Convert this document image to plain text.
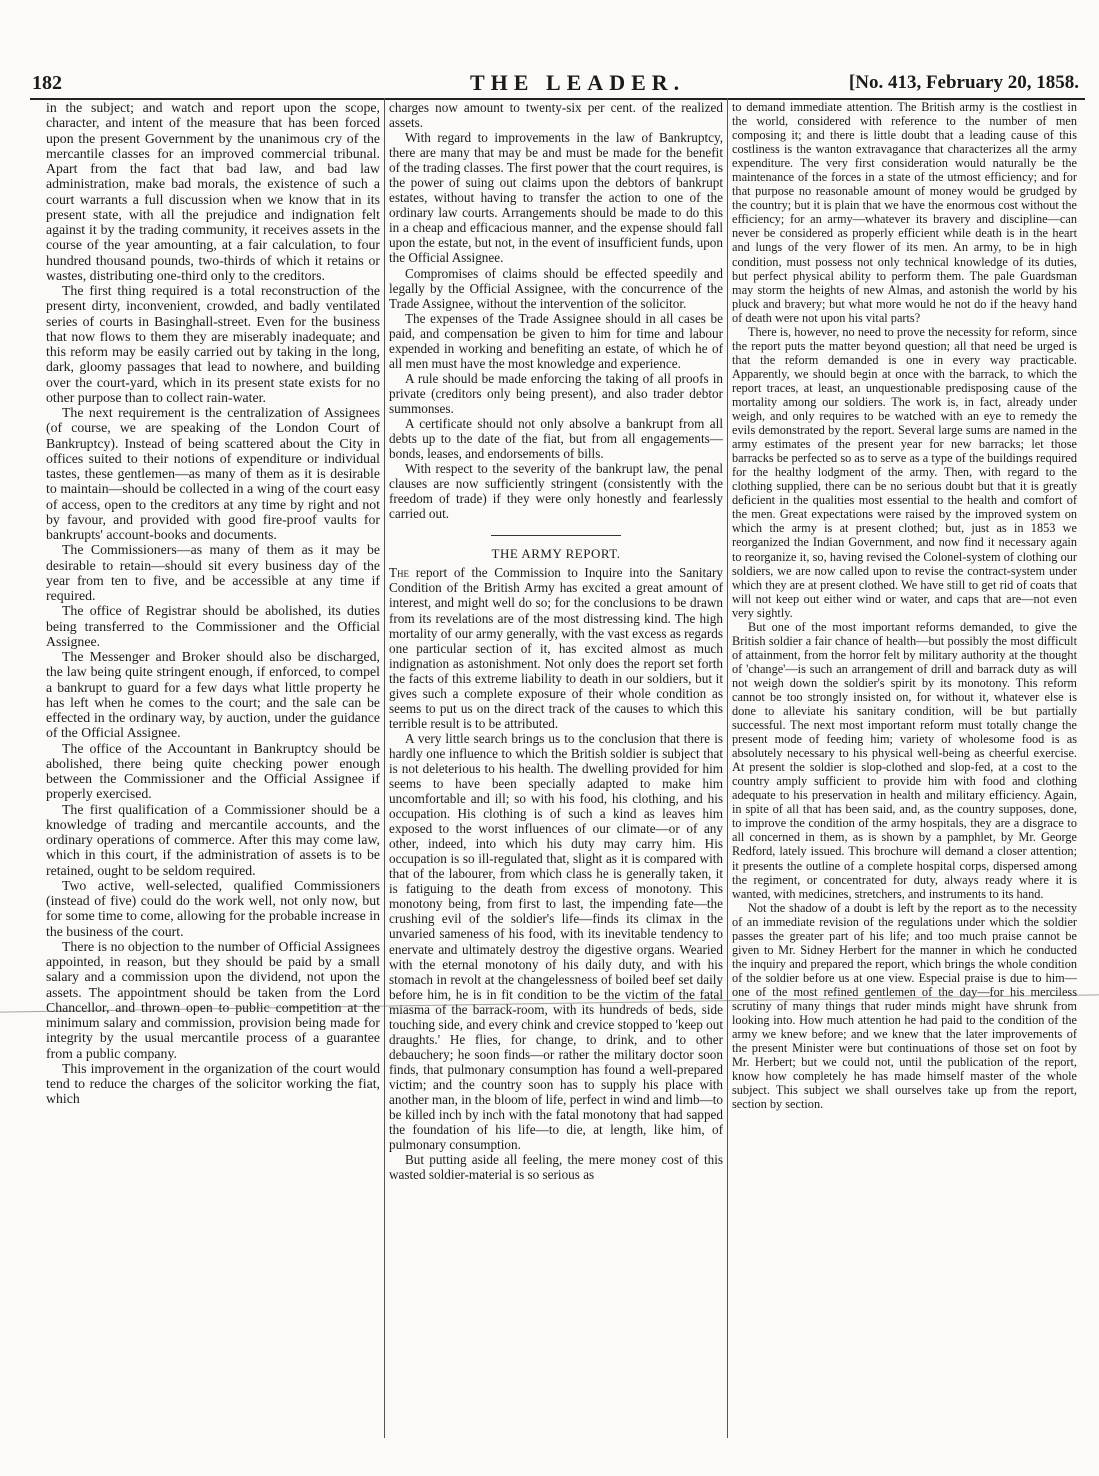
182	THE LEADER.	[No. 413, February 20, 1858.

in the subject; and watch and report upon the scope, character, and intent of the measure that has been forced upon the present Government by the unanimous cry of the mercantile classes for an improved commercial tribunal. Apart from the fact that bad law, and bad law administration, make bad morals, the existence of such a court warrants a full discussion when we know that in its present state, with all the prejudice and indignation felt against it by the trading community, it receives assets in the course of the year amounting, at a fair calculation, to four hundred thousand pounds, two-thirds of which it retains or wastes, distributing one-third only to the creditors.

The first thing required is a total reconstruction of the present dirty, inconvenient, crowded, and badly ventilated series of courts in Basinghall-street. Even for the business that now flows to them they are miserably inadequate; and this reform may be easily carried out by taking in the long, dark, gloomy passages that lead to nowhere, and building over the court-yard, which in its present state exists for no other purpose than to collect rain-water.

The next requirement is the centralization of Assignees (of course, we are speaking of the London Court of Bankruptcy). Instead of being scattered about the City in offices suited to their notions of expenditure or individual tastes, these gentlemen—as many of them as it is desirable to maintain—should be collected in a wing of the court easy of access, open to the creditors at any time by right and not by favour, and provided with good fire-proof vaults for bankrupts' account-books and documents.

The Commissioners—as many of them as it may be desirable to retain—should sit every business day of the year from ten to five, and be accessible at any time if required.

The office of Registrar should be abolished, its duties being transferred to the Commissioner and the Official Assignee.

The Messenger and Broker should also be discharged, the law being quite stringent enough, if enforced, to compel a bankrupt to guard for a few days what little property he has left when he comes to the court; and the sale can be effected in the ordinary way, by auction, under the guidance of the Official Assignee.

The office of the Accountant in Bankruptcy should be abolished, there being quite checking power enough between the Commissioner and the Official Assignee if properly exercised.

The first qualification of a Commissioner should be a knowledge of trading and mercantile accounts, and the ordinary operations of commerce. After this may come law, which in this court, if the administration of assets is to be retained, ought to be seldom required.

Two active, well-selected, qualified Commissioners (instead of five) could do the work well, not only now, but for some time to come, allowing for the probable increase in the business of the court.

There is no objection to the number of Official Assignees appointed, in reason, but they should be paid by a small salary and a commission upon the dividend, not upon the assets. The appointment should be taken from the Lord Chancellor, and thrown open to public competition at the minimum salary and commission, provision being made for integrity by the usual mercantile process of a guarantee from a public company.

This improvement in the organization of the court would tend to reduce the charges of the solicitor working the fiat, which

charges now amount to twenty-six per cent. of the realized assets.

With regard to improvements in the law of Bankruptcy, there are many that may be and must be made for the benefit of the trading classes. The first power that the court requires, is the power of suing out claims upon the debtors of bankrupt estates, without having to transfer the action to one of the ordinary law courts. Arrangements should be made to do this in a cheap and efficacious manner, and the expense should fall upon the estate, but not, in the event of insufficient funds, upon the Official Assignee.

Compromises of claims should be effected speedily and legally by the Official Assignee, with the concurrence of the Trade Assignee, without the intervention of the solicitor.

The expenses of the Trade Assignee should in all cases be paid, and compensation be given to him for time and labour expended in working and benefiting an estate, of which he of all men must have the most knowledge and experience.

A rule should be made enforcing the taking of all proofs in private (creditors only being present), and also trader debtor summonses.

A certificate should not only absolve a bankrupt from all debts up to the date of the fiat, but from all engagements—bonds, leases, and endorsements of bills.

With respect to the severity of the bankrupt law, the penal clauses are now sufficiently stringent (consistently with the freedom of trade) if they were only honestly and fearlessly carried out.

THE ARMY REPORT.

The report of the Commission to Inquire into the Sanitary Condition of the British Army has excited a great amount of interest, and might well do so; for the conclusions to be drawn from its revelations are of the most distressing kind. The high mortality of our army generally, with the vast excess as regards one particular section of it, has excited almost as much indignation as astonishment. Not only does the report set forth the facts of this extreme liability to death in our soldiers, but it gives such a complete exposure of their whole condition as seems to put us on the direct track of the causes to which this terrible result is to be attributed.

A very little search brings us to the conclusion that there is hardly one influence to which the British soldier is subject that is not deleterious to his health. The dwelling provided for him seems to have been specially adapted to make him uncomfortable and ill; so with his food, his clothing, and his occupation. His clothing is of such a kind as leaves him exposed to the worst influences of our climate—or of any other, indeed, into which his duty may carry him. His occupation is so ill-regulated that, slight as it is compared with that of the labourer, from which class he is generally taken, it is fatiguing to the death from excess of monotony. This monotony being, from first to last, the impending fate—the crushing evil of the soldier's life—finds its climax in the unvaried sameness of his food, with its inevitable tendency to enervate and ultimately destroy the digestive organs. Wearied with the eternal monotony of his daily duty, and with his stomach in revolt at the changelessness of boiled beef set daily before him, he is in fit condition to be the victim of the fatal miasma of the barrack-room, with its hundreds of beds, side touching side, and every chink and crevice stopped to 'keep out draughts.' He flies, for change, to drink, and to other debauchery; he soon finds—or rather the military doctor soon finds, that pulmonary consumption has found a well-prepared victim; and the country soon has to supply his place with another man, in the bloom of life, perfect in wind and limb—to be killed inch by inch with the fatal monotony that had sapped the foundation of his life—to die, at length, like him, of pulmonary consumption.

But putting aside all feeling, the mere money cost of this wasted soldier-material is so serious as

to demand immediate attention. The British army is the costliest in the world, considered with reference to the number of men composing it; and there is little doubt that a leading cause of this costliness is the wanton extravagance that characterizes all the army expenditure. The very first consideration would naturally be the maintenance of the forces in a state of the utmost efficiency; and for that purpose no reasonable amount of money would be grudged by the country; but it is plain that we have the enormous cost without the efficiency; for an army—whatever its bravery and discipline—can never be considered as properly efficient while death is in the heart and lungs of the very flower of its men. An army, to be in high condition, must possess not only technical knowledge of its duties, but perfect physical ability to perform them. The pale Guardsman may storm the heights of new Almas, and astonish the world by his pluck and bravery; but what more would he not do if the heavy hand of death were not upon his vital parts?

There is, however, no need to prove the necessity for reform, since the report puts the matter beyond question; all that need be urged is that the reform demanded is one in every way practicable. Apparently, we should begin at once with the barrack, to which the report traces, at least, an unquestionable predisposing cause of the mortality among our soldiers. The work is, in fact, already under weigh, and only requires to be watched with an eye to remedy the evils demonstrated by the report. Several large sums are named in the army estimates of the present year for new barracks; let those barracks be perfected so as to serve as a type of the buildings required for the healthy lodgment of the army. Then, with regard to the clothing supplied, there can be no serious doubt but that it is greatly deficient in the qualities most essential to the health and comfort of the men. Great expectations were raised by the improved system on which the army is at present clothed; but, just as in 1853 we reorganized the Indian Government, and now find it necessary again to reorganize it, so, having revised the Colonel-system of clothing our soldiers, we are now called upon to revise the contract-system under which they are at present clothed. We have still to get rid of coats that will not keep out either wind or water, and caps that are—not even very sightly.

But one of the most important reforms demanded, to give the British soldier a fair chance of health—but possibly the most difficult of attainment, from the horror felt by military authority at the thought of 'change'—is such an arrangement of drill and barrack duty as will not weigh down the soldier's spirit by its monotony. This reform cannot be too strongly insisted on, for without it, whatever else is done to alleviate his sanitary condition, will be but partially successful. The next most important reform must totally change the present mode of feeding him; variety of wholesome food is as absolutely necessary to his physical well-being as cheerful exercise. At present the soldier is slop-clothed and slop-fed, at a cost to the country amply sufficient to provide him with food and clothing adequate to his preservation in health and military efficiency. Again, in spite of all that has been said, and, as the country supposes, done, to improve the condition of the army hospitals, they are a disgrace to all concerned in them, as is shown by a pamphlet, by Mr. George Redford, lately issued. This brochure will demand a closer attention; it presents the outline of a complete hospital corps, dispersed among the regiment, or concentrated for duty, always ready where it is wanted, with medicines, stretchers, and instruments to its hand.

Not the shadow of a doubt is left by the report as to the necessity of an immediate revision of the regulations under which the soldier passes the greater part of his life; and too much praise cannot be given to Mr. Sidney Herbert for the manner in which he conducted the inquiry and prepared the report, which brings the whole condition of the soldier before us at one view. Especial praise is due to him—one of the most refined gentlemen of the day—for his merciless scrutiny of many things that ruder minds might have shrunk from looking into. How much attention he had paid to the condition of the army we knew before; and we knew that the later improvements of the present Minister were but continuations of those set on foot by Mr. Herbert; but we could not, until the publication of the report, know how completely he has made himself master of the whole subject. This subject we shall ourselves take up from the report, section by section.
